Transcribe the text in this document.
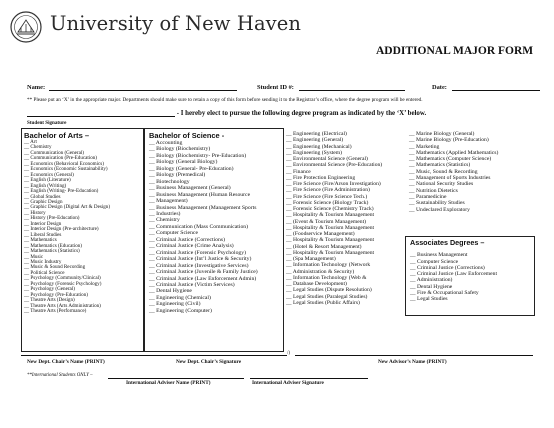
University of New Haven
ADDITIONAL MAJOR FORM
Name:	Student ID #:	Date:
** Please put an ‘X’ in the appropriate major. Departments should make sure to retain a copy of this form before sending it to the Registrar’s office, where the degree program will be entered.
- I hereby elect to pursue the following degree program as indicated by the ‘X’ below.
Student Signature
Bachelor of Arts –
__ Art
__ Chemistry
__ Communication (General)
__ Communication (Pre-Education)
__ Economics (Behavioral Economics)
__ Economics (Economic Sustainability)
__ Economics (General)
__ English (Literature)
__ English (Writing)
__ English (Writing- Pre-Education)
__ Global Studies
__ Graphic Design
__ Graphic Design (Digital Art & Design)
__ History
__ History (Pre-Education)
__ Interior Design
__ Interior Design (Pre-architecture)
__ Liberal Studies
__ Mathematics
__ Mathematics (Education)
__ Mathematics (Statistics)
__ Music
__ Music Industry
__ Music & Sound Recording
__ Political Science
__ Psychology (Community/Clinical)
__ Psychology (Forensic Psychology)
__ Psychology (General)
__ Psychology (Pre-Education)
__ Theatre Arts (Design)
__ Theatre Arts (Arts Administration)
__ Theatre Arts (Performance)
Bachelor of Science -
__ Accounting
__ Biology (Biochemistry)
__ Biology (Biochemistry- Pre-Education)
__ Biology (General Biology)
__ Biology (General- Pre-Education)
__ Biology (Premedical)
__ Biotechnology
__ Business Management (General)
__ Business Management (Human Resource
__ Management)
__ Business Management (Management Sports
__ Industries)
__ Chemistry
__ Communication (Mass Communication)
__ Computer Science
__ Criminal Justice (Corrections)
__ Criminal Justice (Crime Analysis)
__ Criminal Justice (Forensic Psychology)
__ Criminal Justice (Int’l Justice & Security)
__ Criminal Justice (Investigative Services)
__ Criminal Justice (Juvenile & Family Justice)
__ Criminal Justice (Law Enforcement Admin)
__ Criminal Justice (Victim Services)
__ Dental Hygiene
__ Engineering (Chemical)
__ Engineering (Civil)
__ Engineering (Computer)
__ Engineering (Electrical)
__ Engineering (General)
__ Engineering (Mechanical)
__ Engineering (System)
__ Environmental Science (General)
__ Environmental Science (Pre-Education)
__ Finance
__ Fire Protection Engineering
__ Fire Science (Fire/Arson Investigation)
__ Fire Science (Fire Administration)
__ Fire Science (Fire Science Tech.)
__ Forensic Science (Biology Track)
__ Forensic Science (Chemistry Track)
__ Hospitality & Tourism Management
__ (Event & Tourism Management)
__ Hospitality & Tourism Management
__ (Foodservice Management)
__ Hospitality & Tourism Management
__ (Hotel & Resort Management)
__ Hospitality & Tourism Management
__ (Spa Management)
__ Information Technology (Network
__ Administration & Security)
__ Information Technology (Web &
__ Database Development)
__ Legal Studies (Dispute Resolution)
__ Legal Studies (Paralegal Studies)
__ Legal Studies (Public Affairs)
__ Marine Biology (General)
__ Marine Biology (Pre-Education)
__ Marketing
__ Mathematics (Applied Mathematics)
__ Mathematics (Computer Science)
__ Mathematics (Statistics)
__ Music, Sound & Recording
__ Management of Sports Industries
__ National Security Studies
__ Nutrition Dietetics
__ Paramedicine
__ Sustainability Studies
__ Undeclared Exploratory
Associates Degrees –
__ Business Management
__ Computer Science
__ Criminal Justice (Corrections)
__ Criminal Justice (Law Enforcement
__ Administration)
__ Dental Hygiene
__ Fire & Occupational Safety
__ Legal Studies
/)
New Dept. Chair’s Name (PRINT)	New Dept. Chair’s Signature	New Advisor’s Name (PRINT)
**International Students ONLY –
International Adviser Name (PRINT)	International Adviser Signature
